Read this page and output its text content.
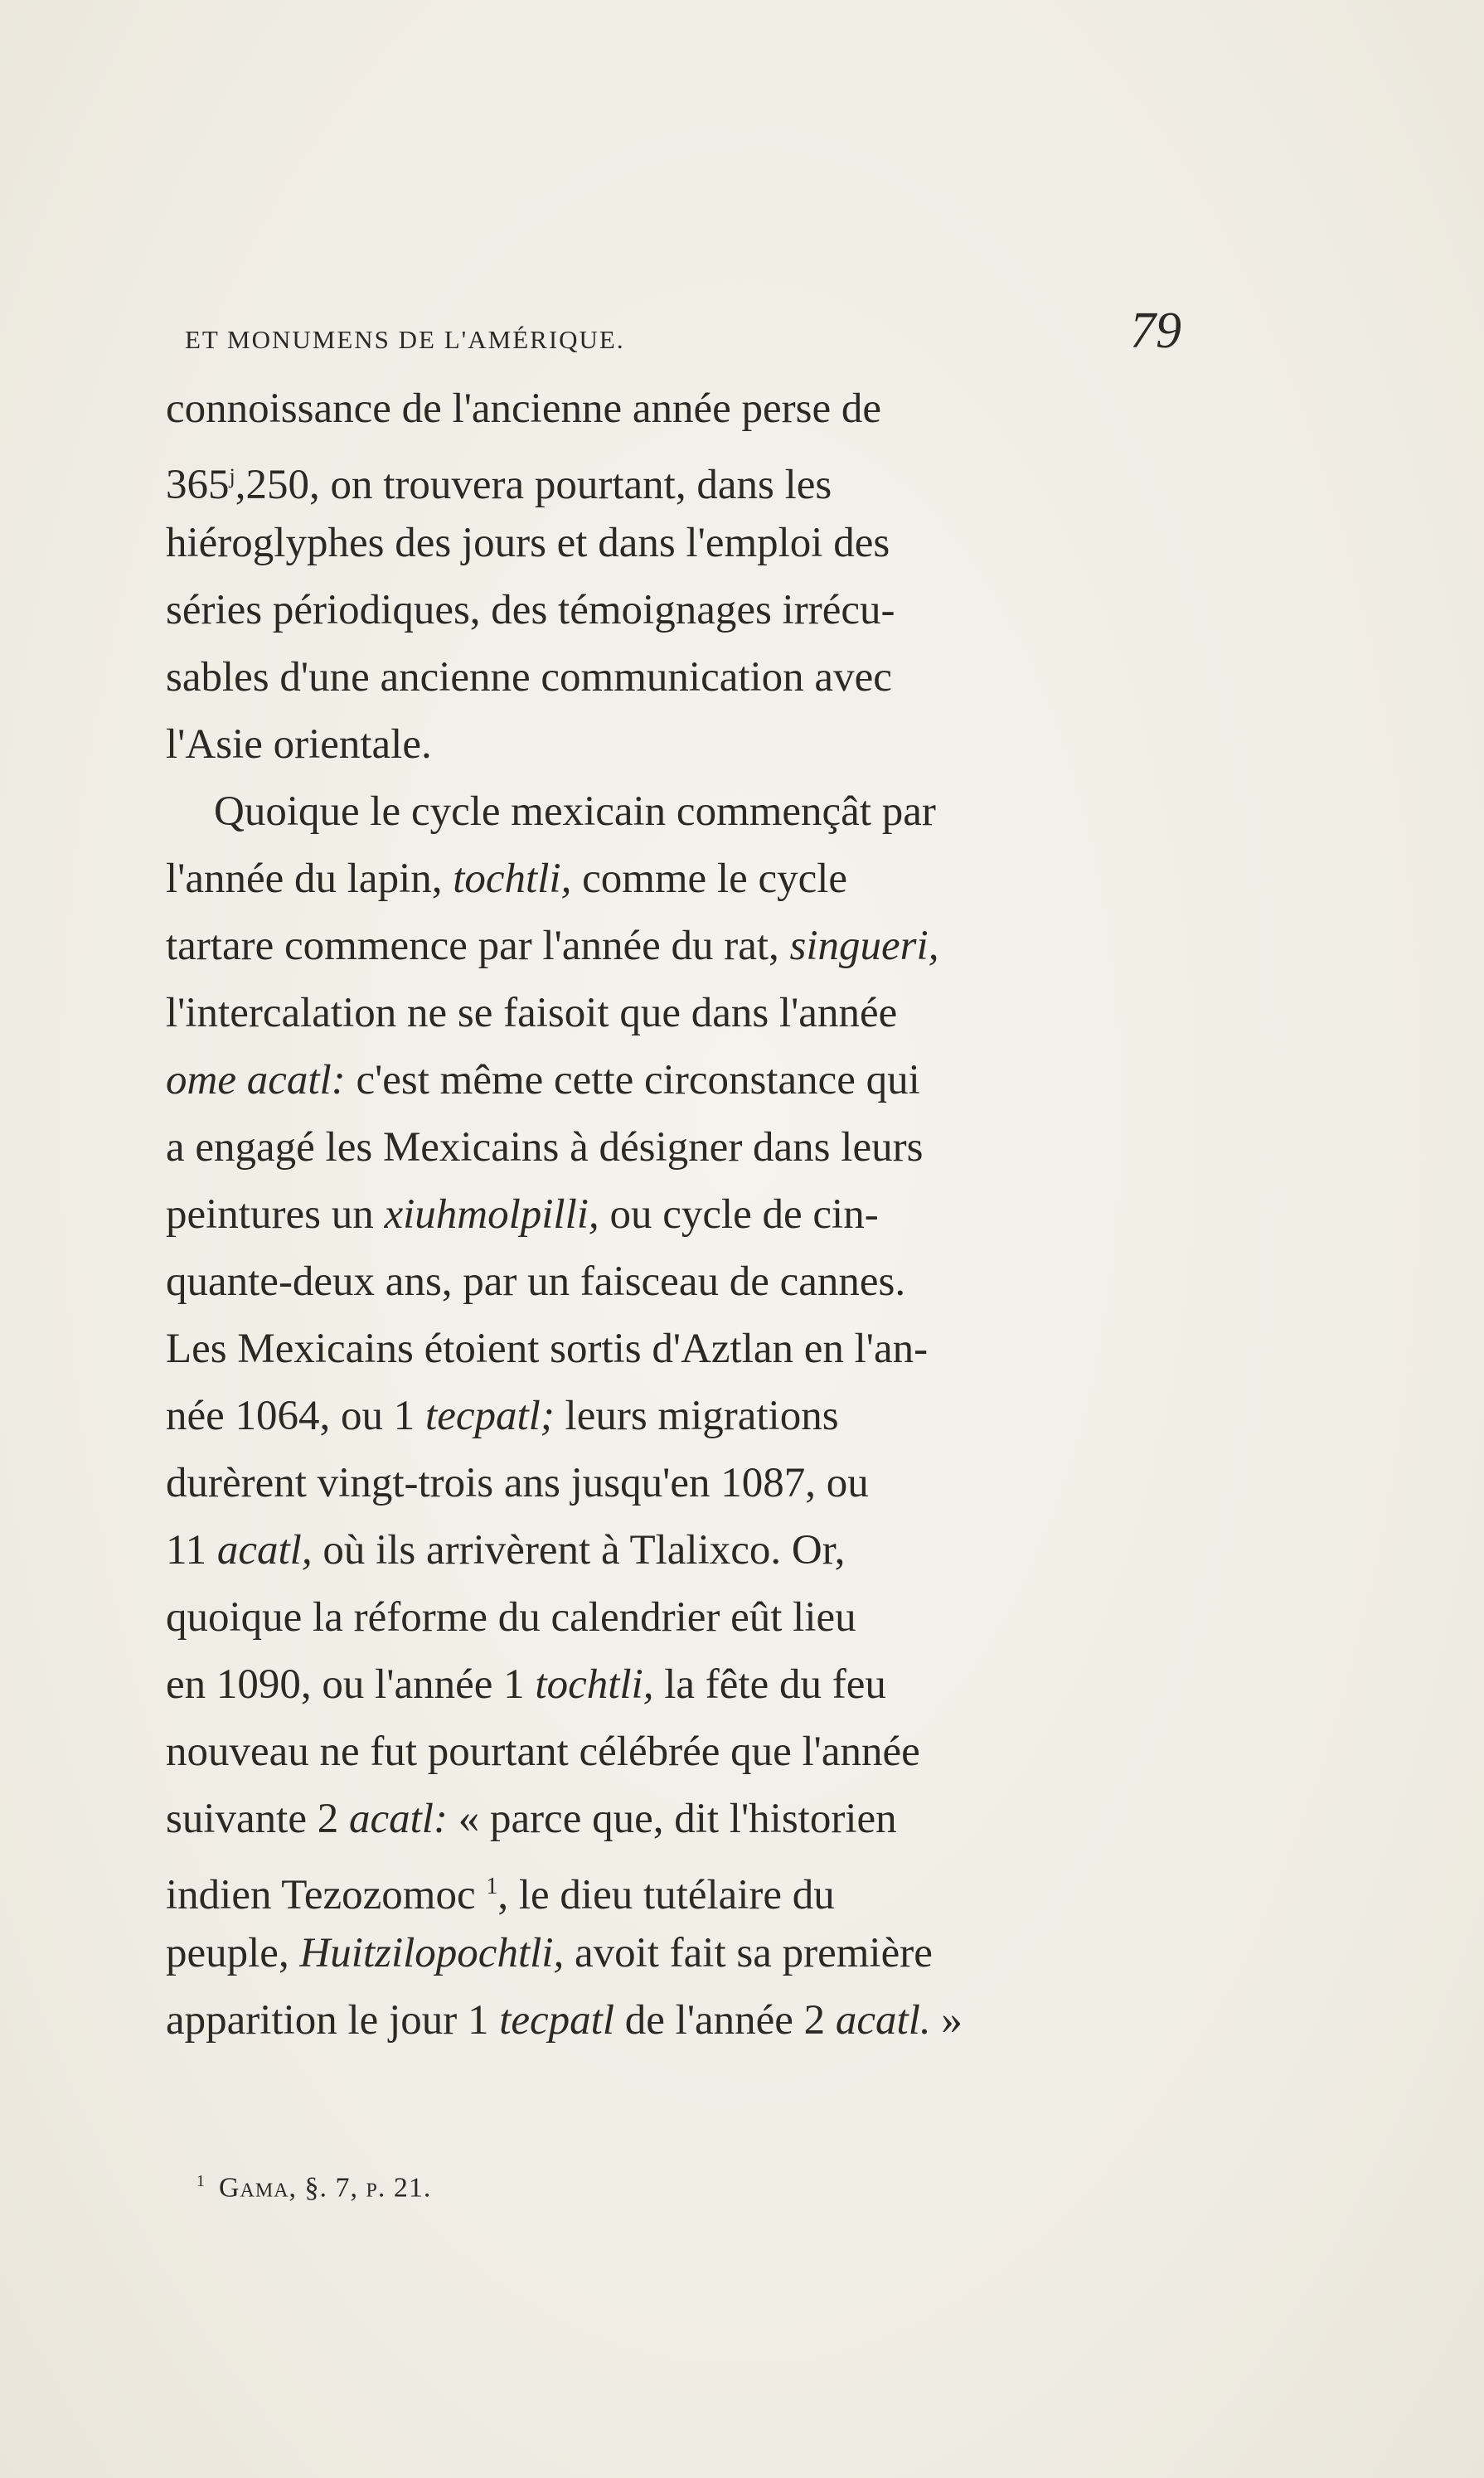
ET MONUMENS DE L'AMÉRIQUE.	79
connoissance de l'ancienne année perse de
365$^j$,250, on trouvera pourtant, dans les
hiéroglyphes des jours et dans l'emploi des
séries périodiques, des témoignages irrécu-
sables d'une ancienne communication avec
l'Asie orientale.
Quoique le cycle mexicain commençât par
l'année du lapin, tochtli, comme le cycle
tartare commence par l'année du rat, singueri,
l'intercalation ne se faisoit que dans l'année
ome acatl: c'est même cette circonstance qui
a engagé les Mexicains à désigner dans leurs
peintures un xiuhmolpilli, ou cycle de cin-
quante-deux ans, par un faisceau de cannes.
Les Mexicains étoient sortis d'Aztlan en l'an-
née 1064, ou 1 tecpatl; leurs migrations
durèrent vingt-trois ans jusqu'en 1087, ou
11 acatl, où ils arrivèrent à Tlalixco. Or,
quoique la réforme du calendrier eût lieu
en 1090, ou l'année 1 tochtli, la fête du feu
nouveau ne fut pourtant célébrée que l'année
suivante 2 acatl: « parce que, dit l'historien
indien Tezozomoc $^1$, le dieu tutélaire du
peuple, Huitzilopochtli, avoit fait sa première
apparition le jour 1 tecpatl de l'année 2 acatl. »
$^1$ Gama, §. 7, p. 21.
